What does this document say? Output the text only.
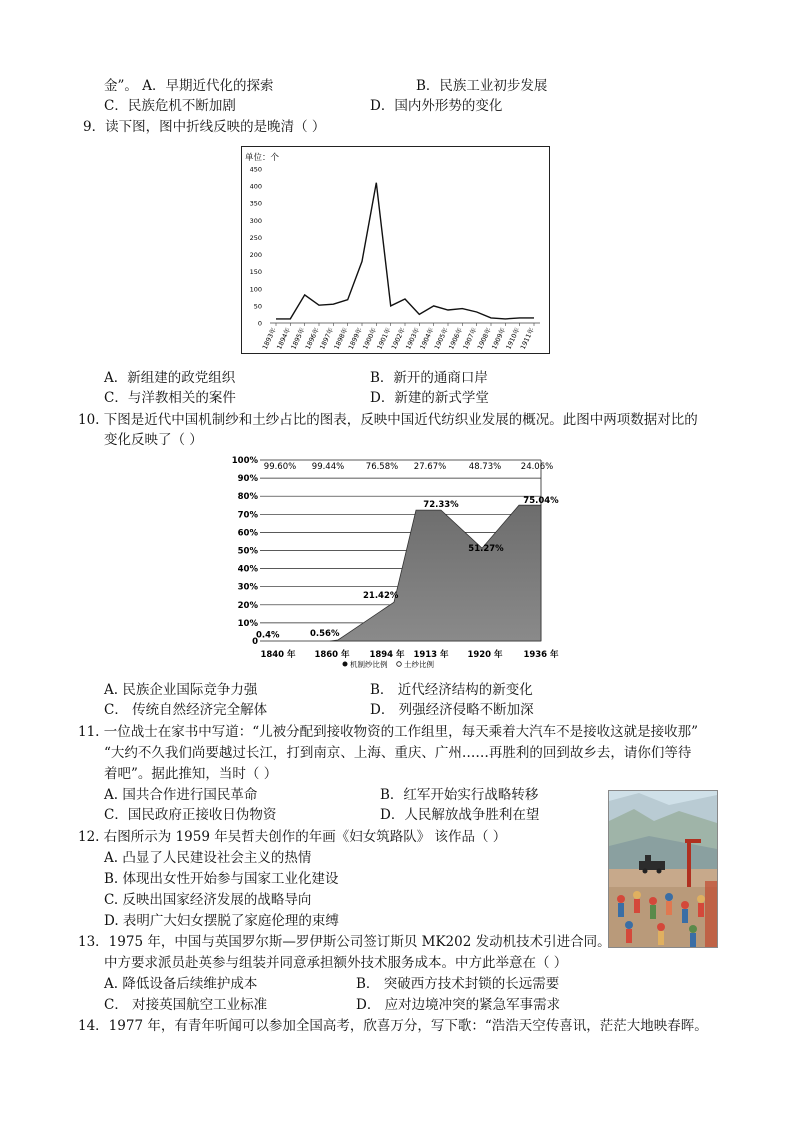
金”。 A．早期近代化的探索	B．民族工业初步发展
C．民族危机不断加剧	D．国内外形势的变化
9．读下图，图中折线反映的是晚清（ ）
单位：个
0
50
100
150
200
250
300
350
400
450
1893年
1894年
1895年
1896年
1897年
1898年
1899年
1900年
1901年
1902年
1903年
1904年
1905年
1906年
1907年
1908年
1909年
1910年
1911年
A．新组建的政党组织	B．新开的通商口岸
C．与洋教相关的案件	D．新建的新式学堂
10. 下图是近代中国机制纱和土纱占比的图表，反映中国近代纺织业发展的概况。此图中两项数据对比的
变化反映了（ ）
0
10%
20%
30%
40%
50%
60%
70%
80%
90%
100%
0.4%	0.56%
21.42%
72.33%
51.27%
75.04%
99.60% 99.44%	76.58% 27.67%	48.73% 24.06%
1840 年 1860 年 1894 年 1913 年 1920 年 1936 年
机制纱比例 土纱比例
A. 民族企业国际竞争力强	B． 近代经济结构的新变化
C． 传统自然经济完全解体	D． 列强经济侵略不断加深
11. 一位战士在家书中写道：“儿被分配到接收物资的工作组里，每天乘着大汽车不是接收这就是接收那”
“大约不久我们尚要越过长江，打到南京、上海、重庆、广州……再胜利的回到故乡去，请你们等待
着吧”。据此推知，当时（ ）
A. 国共合作进行国民革命	B．红军开始实行战略转移
C．国民政府正接收日伪物资	D．人民解放战争胜利在望
12. 右图所示为 1959 年吴哲夫创作的年画《妇女筑路队》 该作品（ ）
A. 凸显了人民建设社会主义的热情
B. 体现出女性开始参与国家工业化建设
C. 反映出国家经济发展的战略导向
D. 表明广大妇女摆脱了家庭伦理的束缚
13．1975 年，中国与英国罗尔斯—罗伊斯公司签订斯贝 MK202 发动机技术引进合同。
中方要求派员赴英参与组装并同意承担额外技术服务成本。中方此举意在（ ）
A. 降低设备后续维护成本	B． 突破西方技术封锁的长远需要
C． 对接英国航空工业标准	D． 应对边境冲突的紧急军事需求
14．1977 年，有青年听闻可以参加全国高考，欣喜万分，写下歌：“浩浩天空传喜讯，茫茫大地映春晖。
